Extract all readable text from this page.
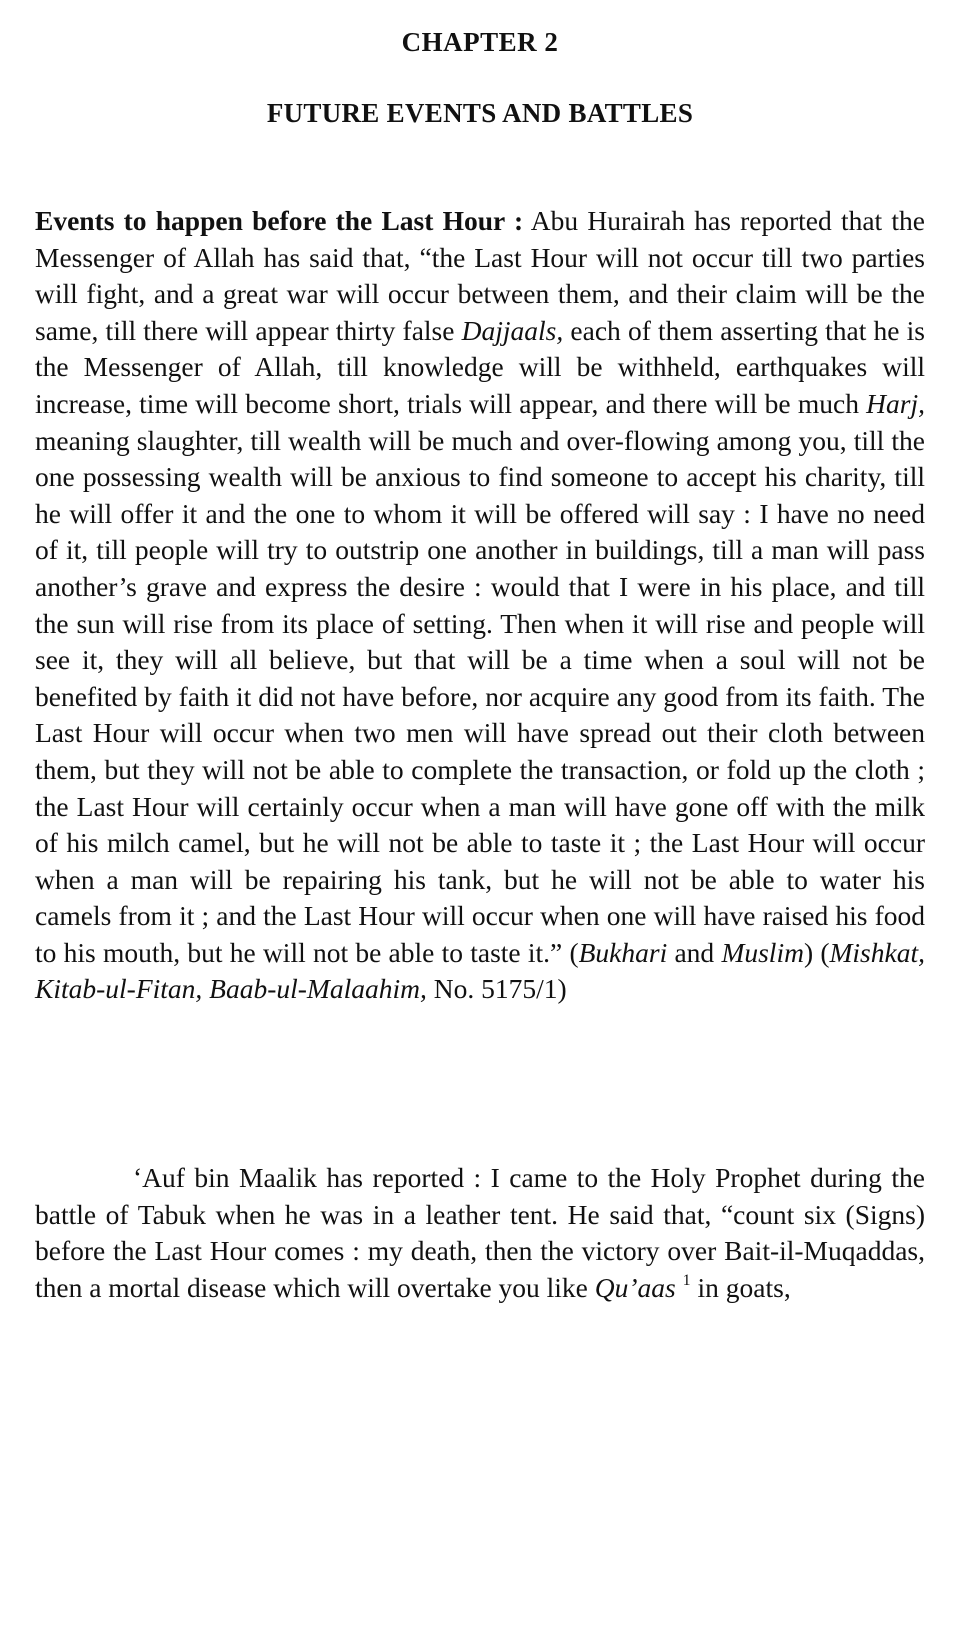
CHAPTER 2
FUTURE EVENTS AND BATTLES

Events to happen before the Last Hour : Abu Hurairah has reported that the Messenger of Allah has said that, “the Last Hour will not occur till two parties will fight, and a great war will occur between them, and their claim will be the same, till there will appear thirty false Dajjaals, each of them asserting that he is the Messenger of Allah, till knowledge will be withheld, earthquakes will increase, time will become short, trials will appear, and there will be much Harj, meaning slaughter, till wealth will be much and over-flowing among you, till the one possessing wealth will be anxious to find someone to accept his charity, till he will offer it and the one to whom it will be offered will say : I have no need of it, till people will try to outstrip one another in buildings, till a man will pass another’s grave and express the desire : would that I were in his place, and till the sun will rise from its place of setting. Then when it will rise and people will see it, they will all believe, but that will be a time when a soul will not be benefited by faith it did not have before, nor acquire any good from its faith. The Last Hour will occur when two men will have spread out their cloth between them, but they will not be able to complete the transaction, or fold up the cloth ; the Last Hour will certainly occur when a man will have gone off with the milk of his milch camel, but he will not be able to taste it ; the Last Hour will occur when a man will be repairing his tank, but he will not be able to water his camels from it ; and the Last Hour will occur when one will have raised his food to his mouth, but he will not be able to taste it.” (Bukhari and Muslim) (Mishkat, Kitab-ul-Fitan, Baab-ul-Malaahim, No. 5175/1)

‘Auf bin Maalik has reported : I came to the Holy Prophet during the battle of Tabuk when he was in a leather tent. He said that, “count six (Signs) before the Last Hour comes : my death, then the victory over Bait-il-Muqaddas, then a mortal disease which will overtake you like Qu’aas $^1$ in goats,
